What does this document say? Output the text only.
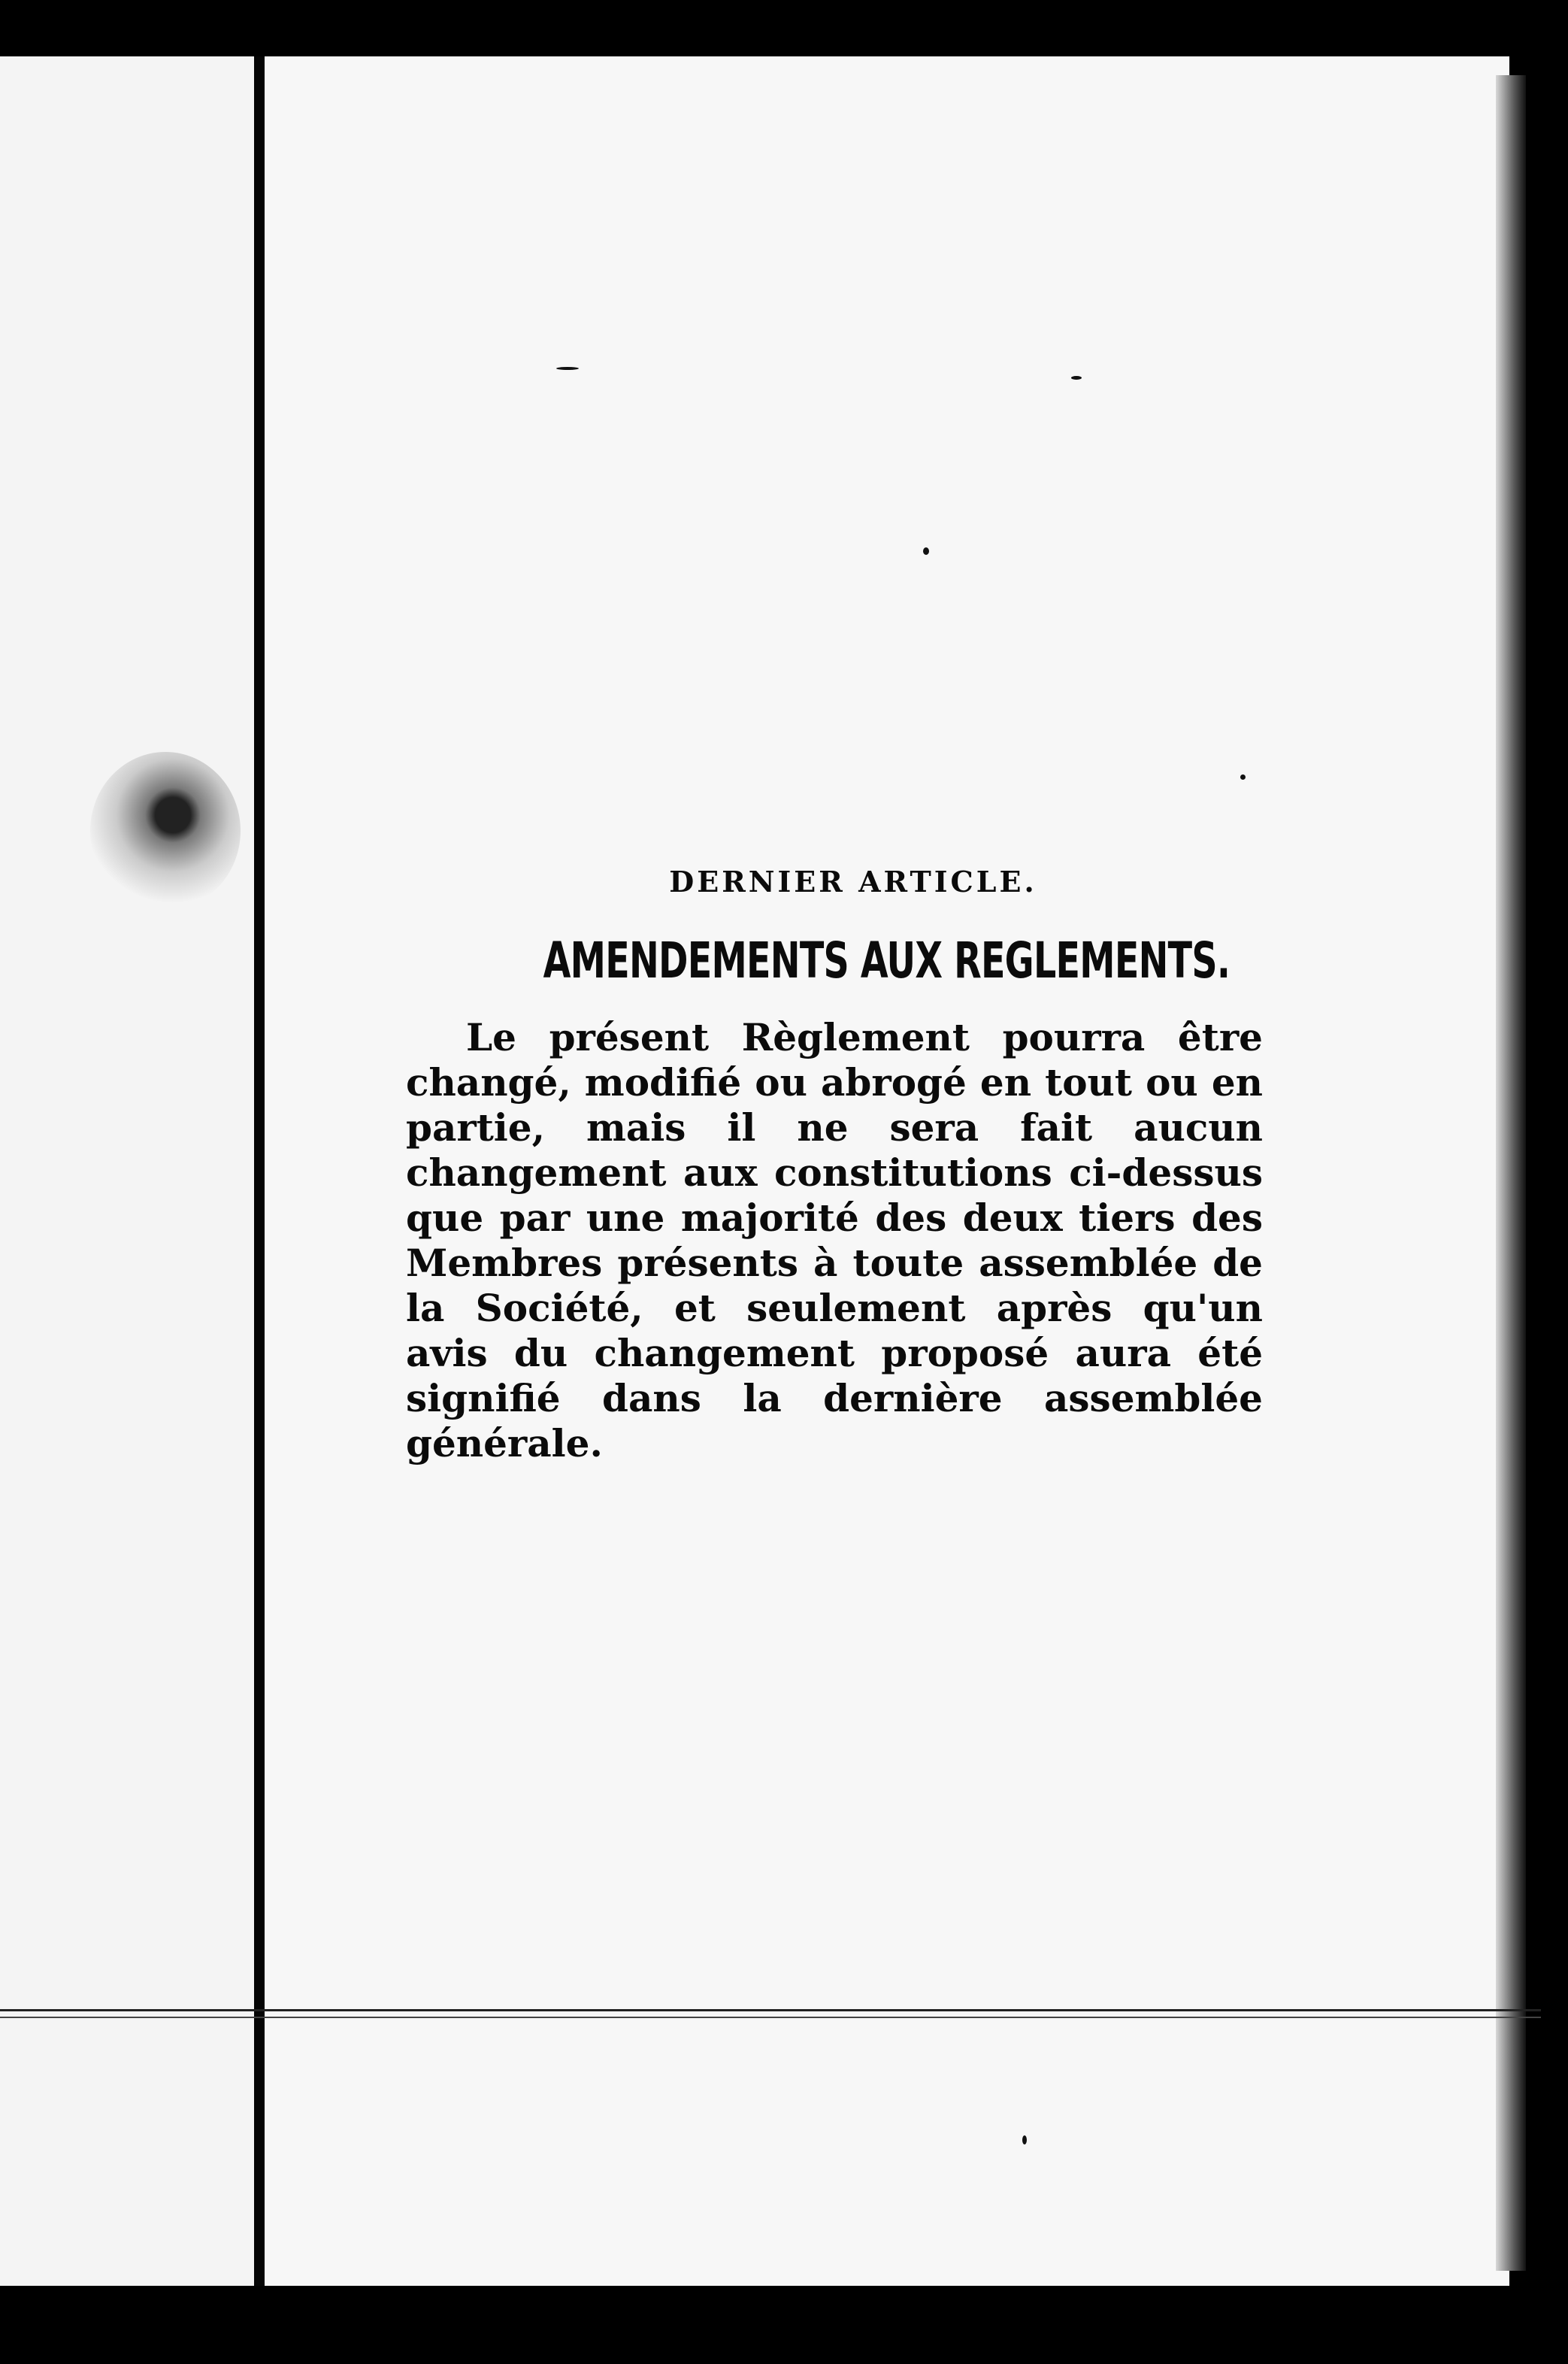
DERNIER ARTICLE.
AMENDEMENTS AUX REGLEMENTS.

Le présent Règlement pourra être changé, modifié ou abrogé en tout ou en partie, mais il ne sera fait aucun changement aux constitutions ci-dessus que par une majorité des deux tiers des Membres présents à toute assemblée de la Société, et seulement après qu'un avis du changement proposé aura été signifié dans la dernière assemblée générale.
